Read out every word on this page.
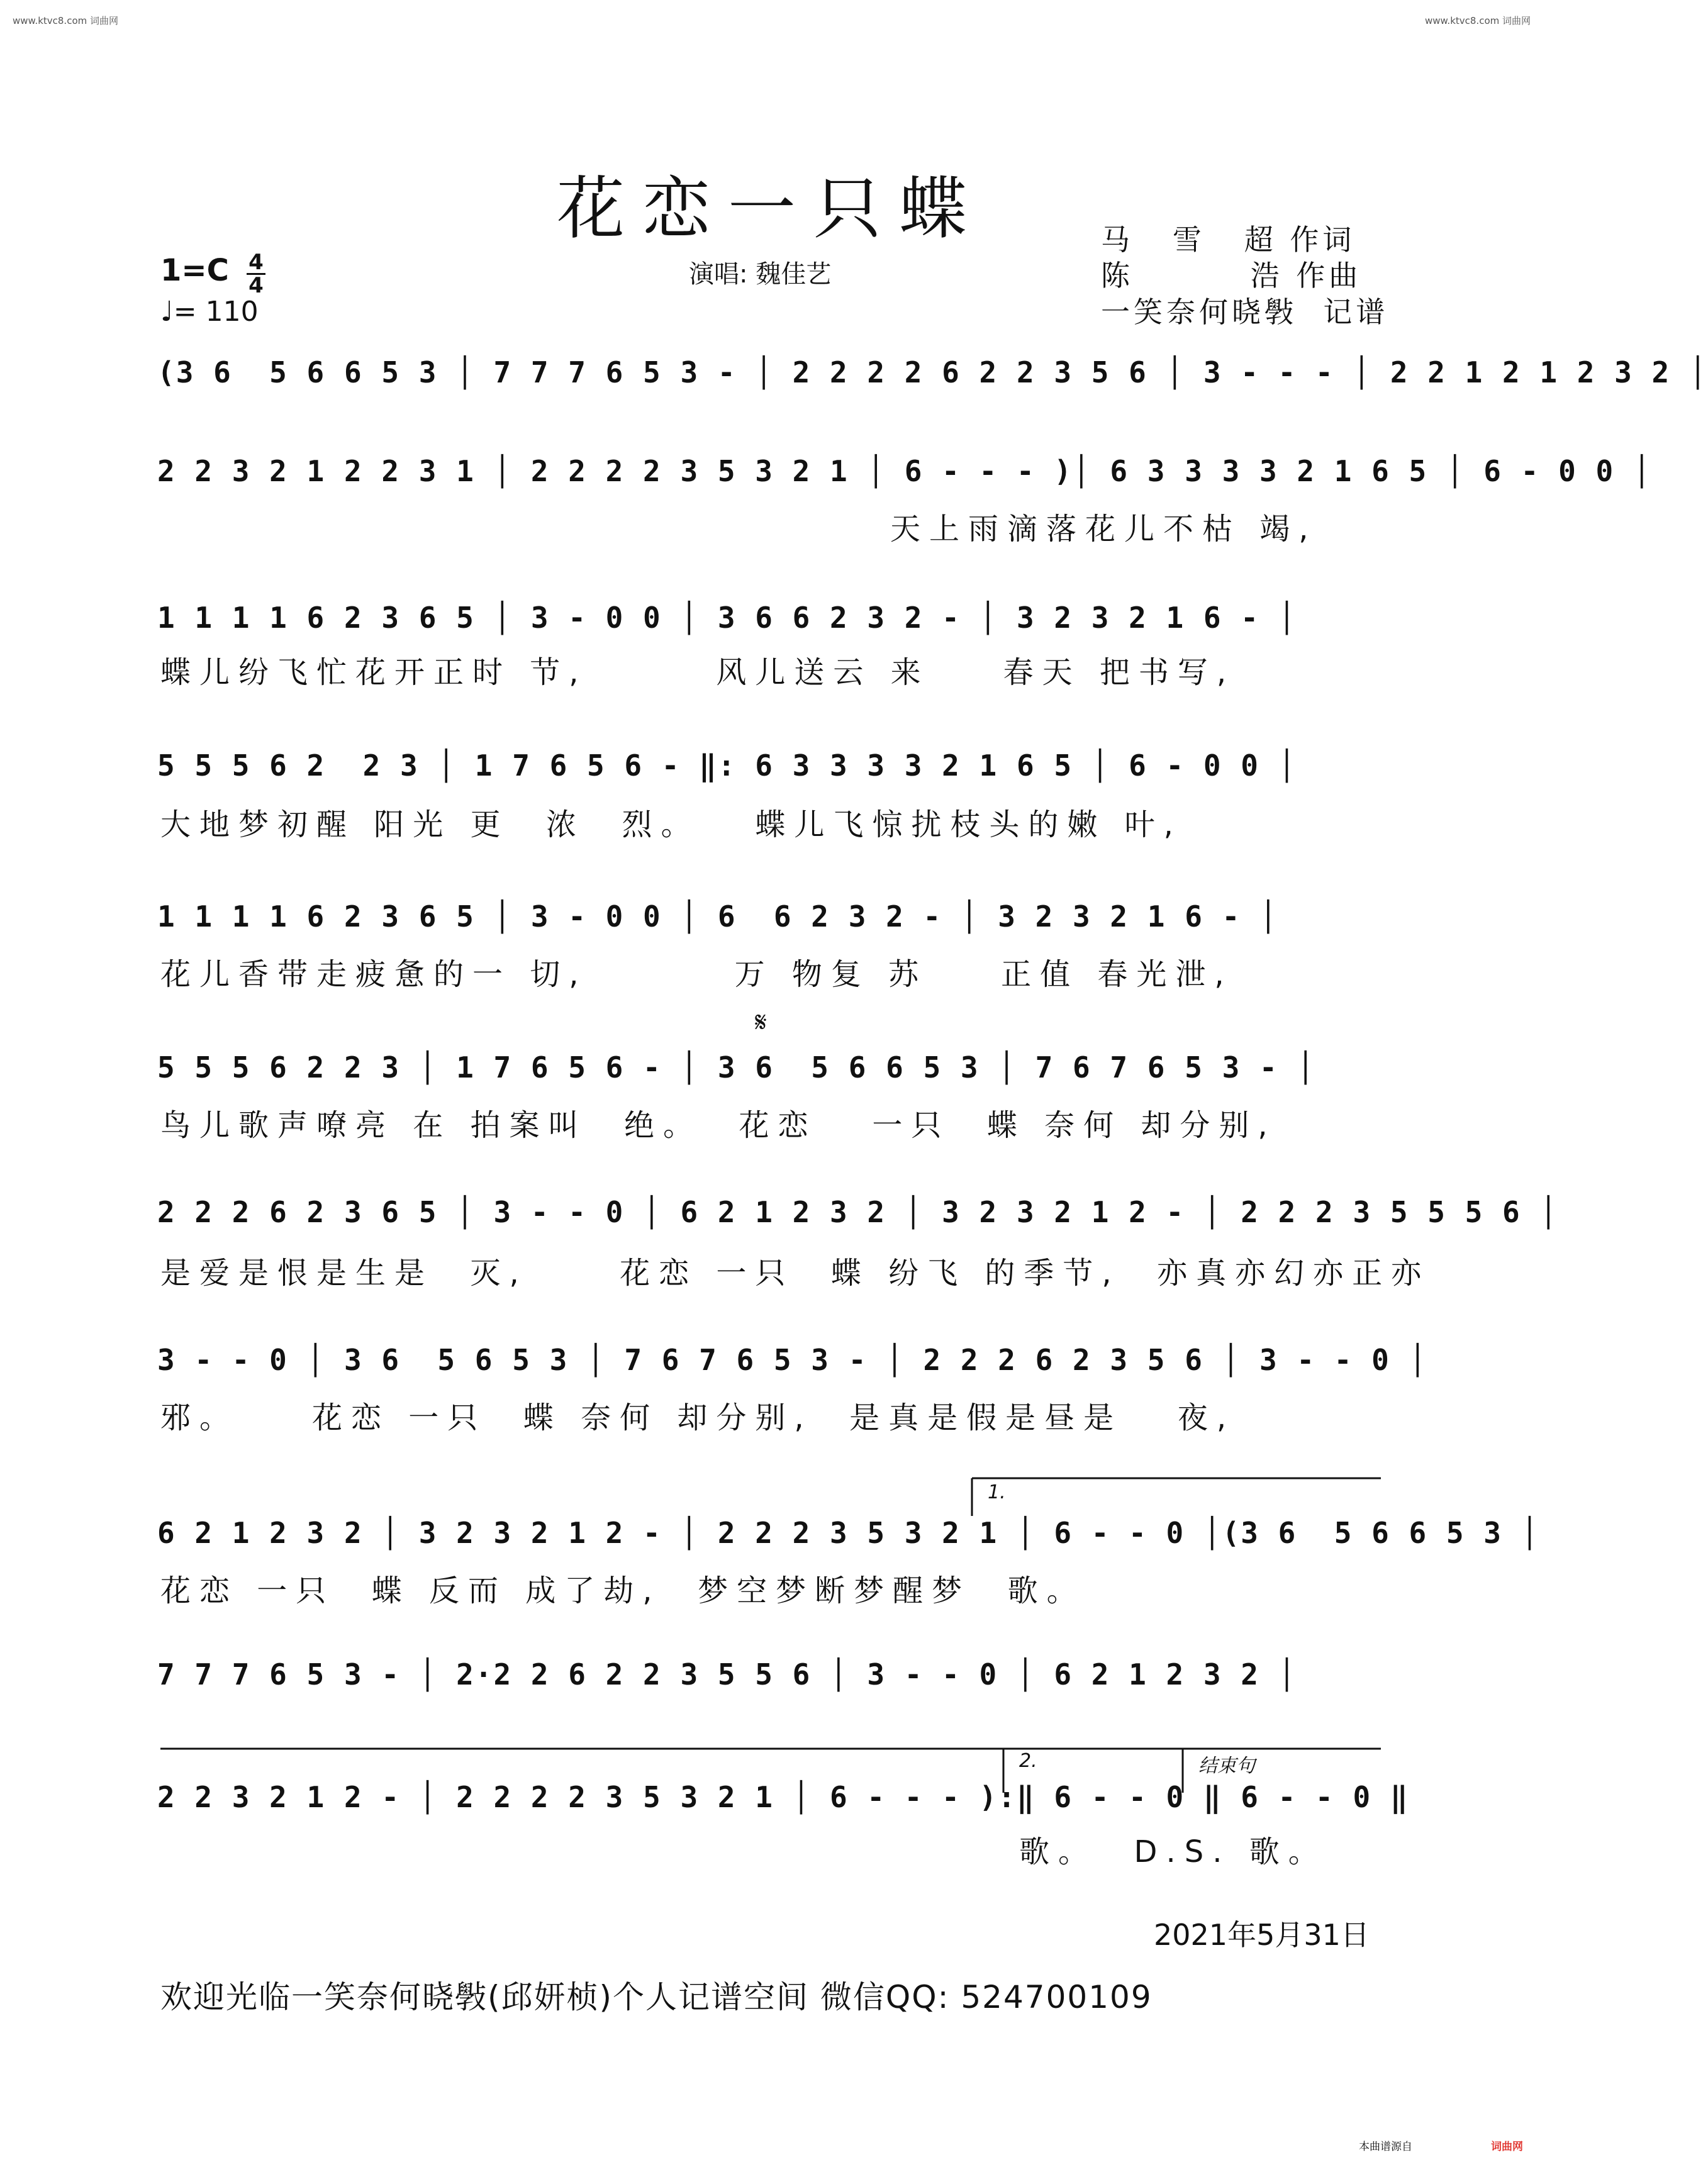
www.ktvc8.com 词曲网	www.ktvc8.com 词曲网
花恋一只蝶	马   雪   超 作词
陈         浩 作曲
一笑奈何晓斅  记谱
演唱: 魏佳艺
1=C 4
4
♩= 110
(3 6  5 6 6 5 3 │ 7 7 7 6 5 3 - │ 2 2 2 2 6 2 2 3 5 6 │ 3 - - - │ 2 2 1 2 1 2 3 2 │
2 2 3 2 1 2 2 3 1 │ 2 2 2 2 3 5 3 2 1 │ 6 - - - )│ 6 3 3 3 3 2 1 6 5 │ 6 - 0 0 │
天上雨滴落花儿不枯 竭,
1 1 1 1 6 2 3 6 5 │ 3 - 0 0 │ 3 6 6 2 3 2 - │ 3 2 3 2 1 6 - │
蝶儿纷飞忙花开正时 节,       风儿送云 来    春天 把书写,
5 5 5 6 2  2 3 │ 1 7 6 5 6 - ‖: 6 3 3 3 3 2 1 6 5 │ 6 - 0 0 │
大地梦初醒 阳光 更  浓  烈。   蝶儿飞惊扰枝头的嫩 叶,
1 1 1 1 6 2 3 6 5 │ 3 - 0 0 │ 6  6 2 3 2 - │ 3 2 3 2 1 6 - │
花儿香带走疲惫的一 切,        万 物复 苏    正值 春光泄,
𝄋
5 5 5 6 2 2 3 │ 1 7 6 5 6 - │ 3 6  5 6 6 5 3 │ 7 6 7 6 5 3 - │
鸟儿歌声嘹亮 在 拍案叫  绝。  花恋   一只  蝶 奈何 却分别,
2 2 2 6 2 3 6 5 │ 3 - - 0 │ 6 2 1 2 3 2 │ 3 2 3 2 1 2 - │ 2 2 2 3 5 5 5 6 │
是爱是恨是生是  灭,     花恋 一只  蝶 纷飞 的季节,  亦真亦幻亦正亦
3 - - 0 │ 3 6  5 6 5 3 │ 7 6 7 6 5 3 - │ 2 2 2 6 2 3 5 6 │ 3 - - 0 │
邪。    花恋 一只  蝶 奈何 却分别,  是真是假是昼是   夜,
1.
6 2 1 2 3 2 │ 3 2 3 2 1 2 - │ 2 2 2 3 5 3 2 1 │ 6 - - 0 │(3 6  5 6 6 5 3 │
花恋 一只  蝶 反而 成了劫,  梦空梦断梦醒梦  歌。
7 7 7 6 5 3 - │ 2·2 2 6 2 2 3 5 5 6 │ 3 - - 0 │ 6 2 1 2 3 2 │
2.	结束句
2 2 3 2 1 2 - │ 2 2 2 2 3 5 3 2 1 │ 6 - - - ):‖ 6 - - 0 ‖ 6 - - 0 ‖
歌。  D.S. 歌。
2021年5月31日
欢迎光临一笑奈何晓斅(邱妍桢)个人记谱空间 微信QQ: 524700109
本曲谱源自	词曲网
